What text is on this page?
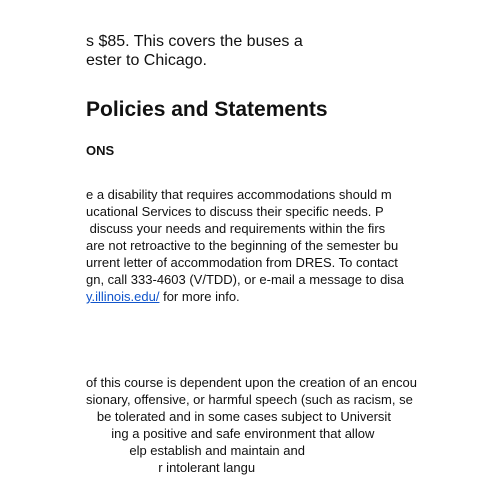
s $85. This covers the buses a
ester to Chicago.
Policies and Statements
ONS
e a disability that requires accommodations should m
ucational Services to discuss their specific needs. P
discuss your needs and requirements within the firs
are not retroactive to the beginning of the semester bu
urrent letter of accommodation from DRES. To contact
gn, call 333-4603 (V/TDD), or e-mail a message to disa
y.illinois.edu/ for more info.
of this course is dependent upon the creation of an encou
sionary, offensive, or harmful speech (such as racism, se
be tolerated and in some cases subject to Universit
ing a positive and safe environment that allow
elp establish and maintain and
r intolerant langu
